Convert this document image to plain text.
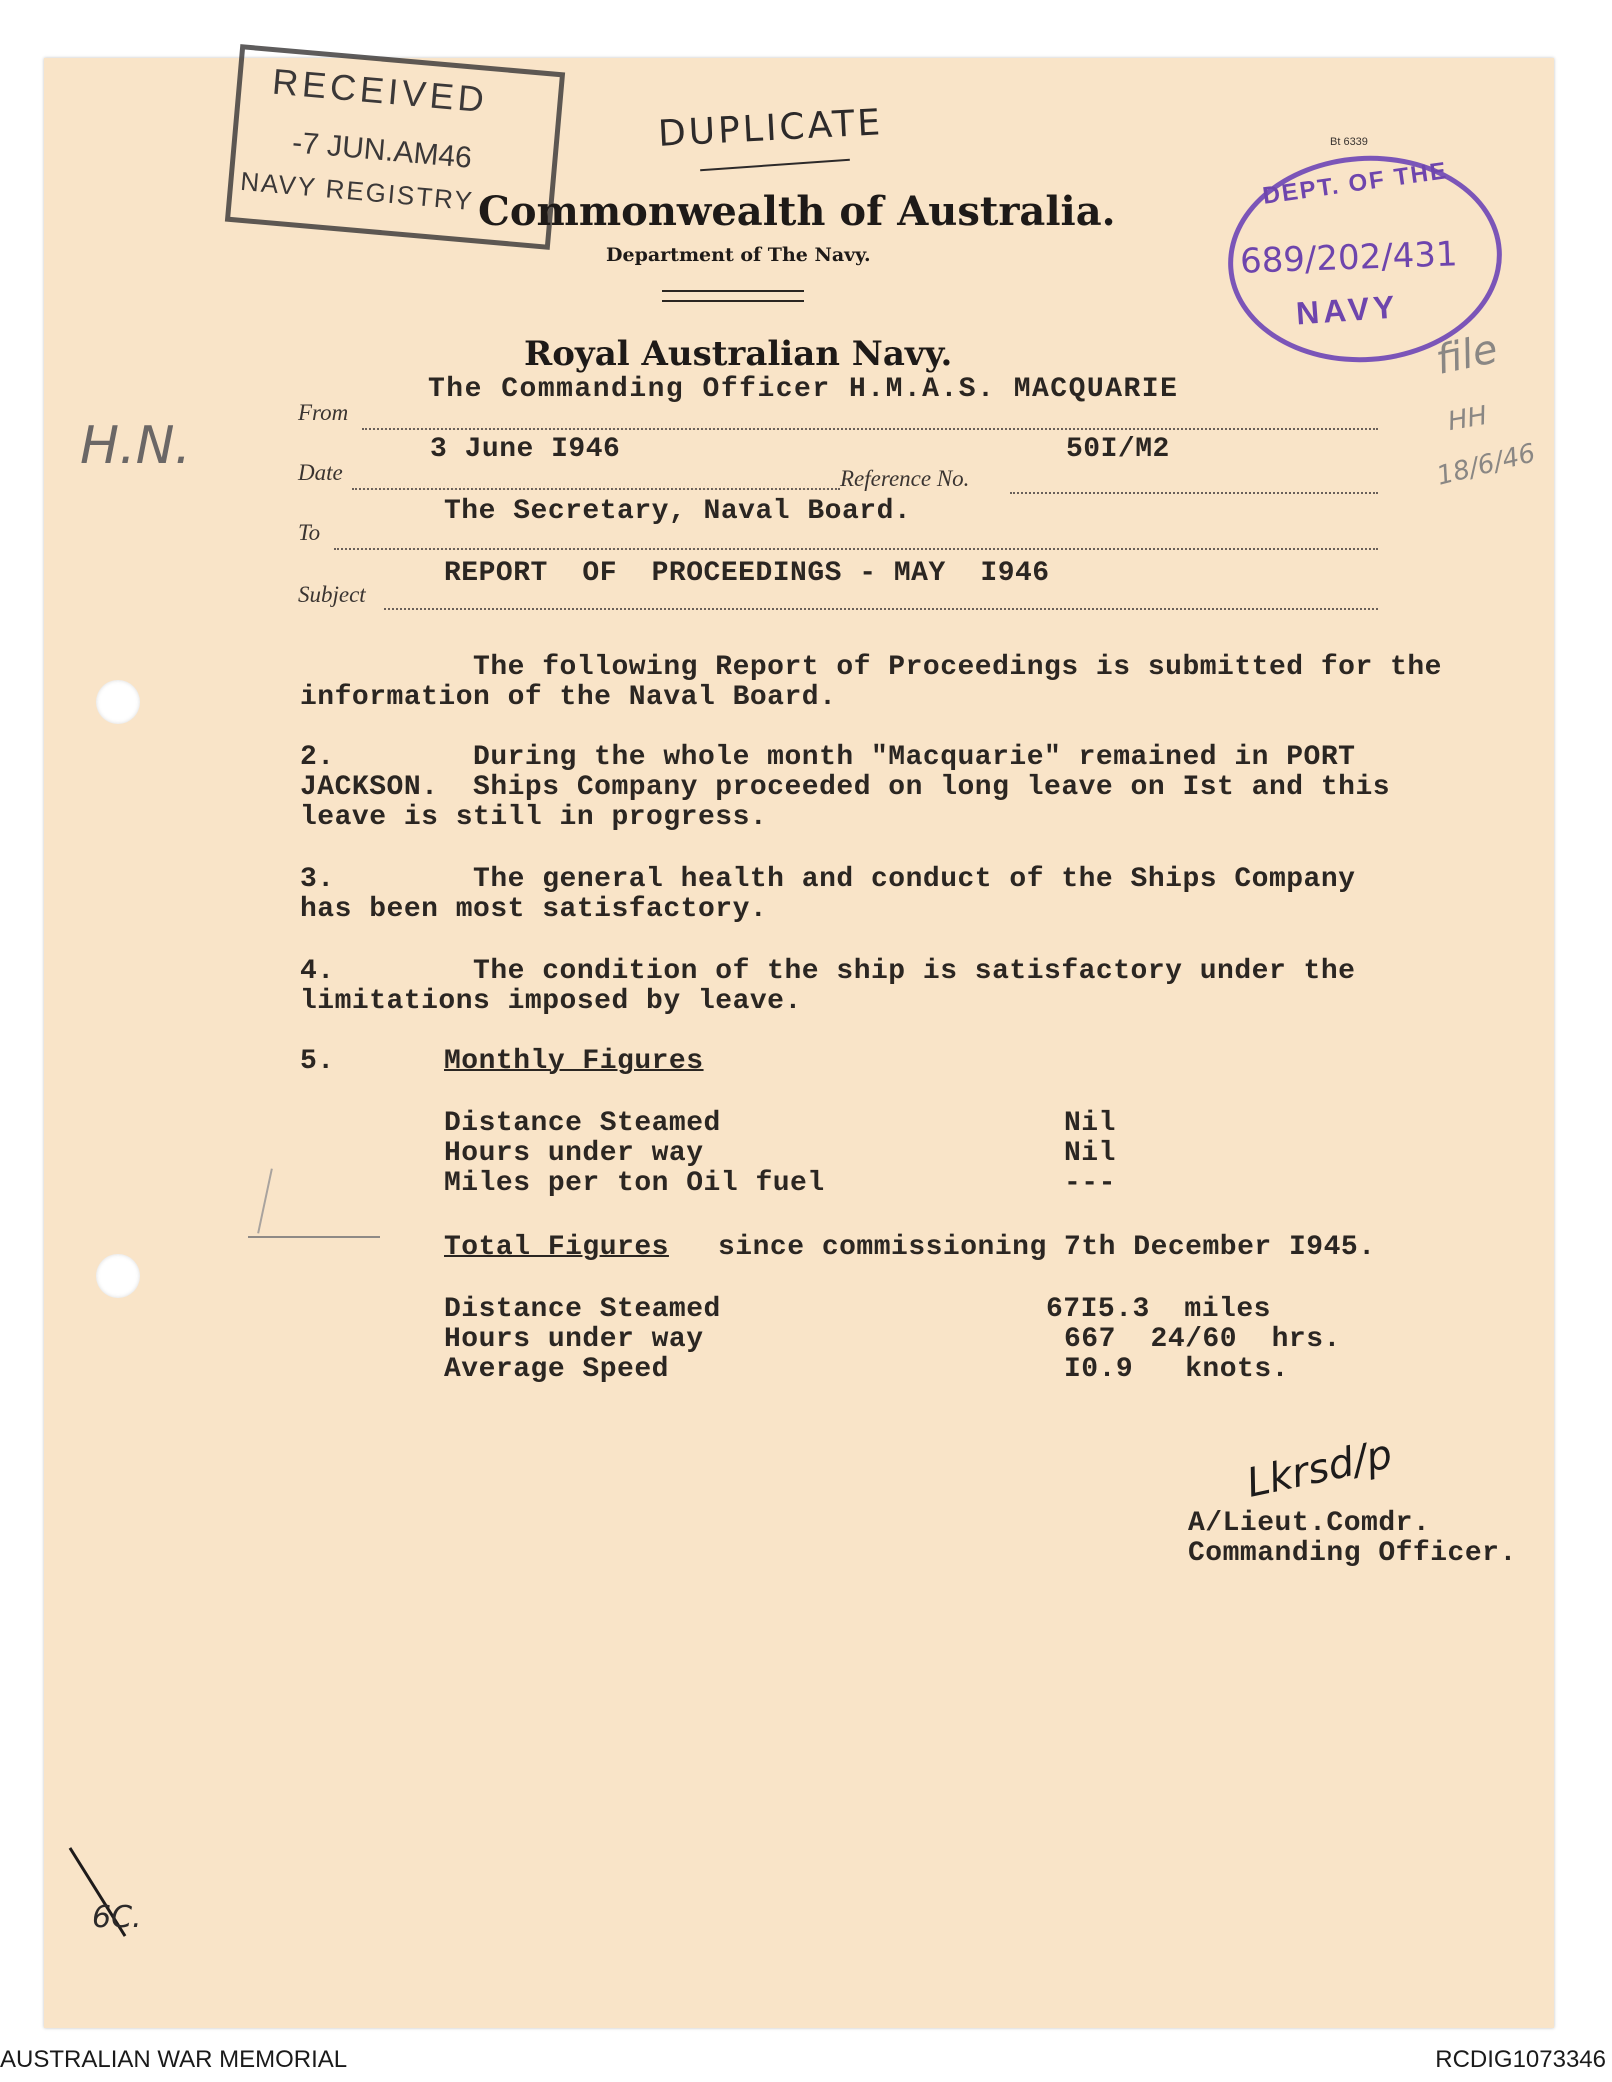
RECEIVED
-7 JUN.AM46
NAVY REGISTRY
DUPLICATE
Commonwealth of Australia.
Department of The Navy.
Royal Australian Navy.
Bt 6339
DEPT. OF THE
689/202/431
NAVY
H.N.
file
HH
18/6/46
The Commanding Officer H.M.A.S. MACQUARIE
From
3 June I946	50I/M2
Date	Reference No.
The Secretary, Naval Board.
To
REPORT  OF  PROCEEDINGS - MAY  I946
Subject
The following Report of Proceedings is submitted for the
information of the Naval Board.
2.        During the whole month "Macquarie" remained in PORT
JACKSON.  Ships Company proceeded on long leave on Ist and this
leave is still in progress.
3.        The general health and conduct of the Ships Company
has been most satisfactory.
4.        The condition of the ship is satisfactory under the
limitations imposed by leave.
5.	Monthly Figures
Distance Steamed	Nil
Hours under way	Nil
Miles per ton Oil fuel	---
Total Figures since commissioning 7th December I945.
Distance Steamed	67I5.3  miles
Hours under way	667  24/60  hrs.
Average Speed	I0.9   knots.
Lkrsd/p
A/Lieut.Comdr.
Commanding Officer.
6C.
AUSTRALIAN WAR MEMORIAL	RCDIG1073346
